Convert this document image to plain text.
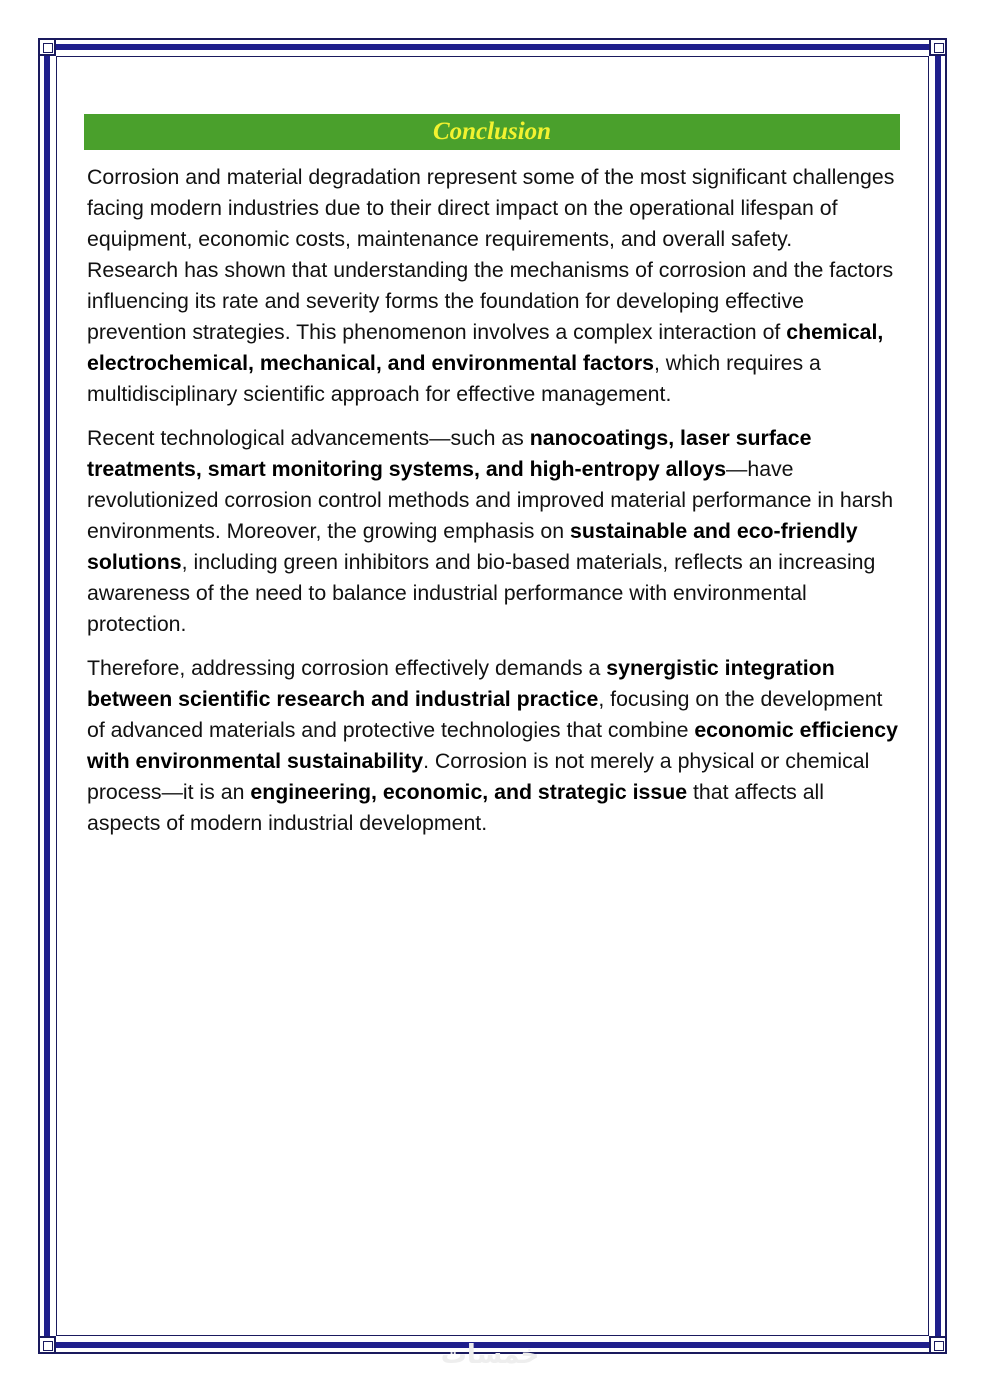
Conclusion

Corrosion and material degradation represent some of the most significant challenges facing modern industries due to their direct impact on the operational lifespan of equipment, economic costs, maintenance requirements, and overall safety.

Research has shown that understanding the mechanisms of corrosion and the factors influencing its rate and severity forms the foundation for developing effective prevention strategies. This phenomenon involves a complex interaction of chemical, electrochemical, mechanical, and environmental factors, which requires a multidisciplinary scientific approach for effective management.

Recent technological advancements—such as nanocoatings, laser surface treatments, smart monitoring systems, and high-entropy alloys—have revolutionized corrosion control methods and improved material performance in harsh environments. Moreover, the growing emphasis on sustainable and eco-friendly solutions, including green inhibitors and bio-based materials, reflects an increasing awareness of the need to balance industrial performance with environmental protection.

Therefore, addressing corrosion effectively demands a synergistic integration between scientific research and industrial practice, focusing on the development of advanced materials and protective technologies that combine economic efficiency with environmental sustainability. Corrosion is not merely a physical or chemical process—it is an engineering, economic, and strategic issue that affects all aspects of modern industrial development.

خمسات
